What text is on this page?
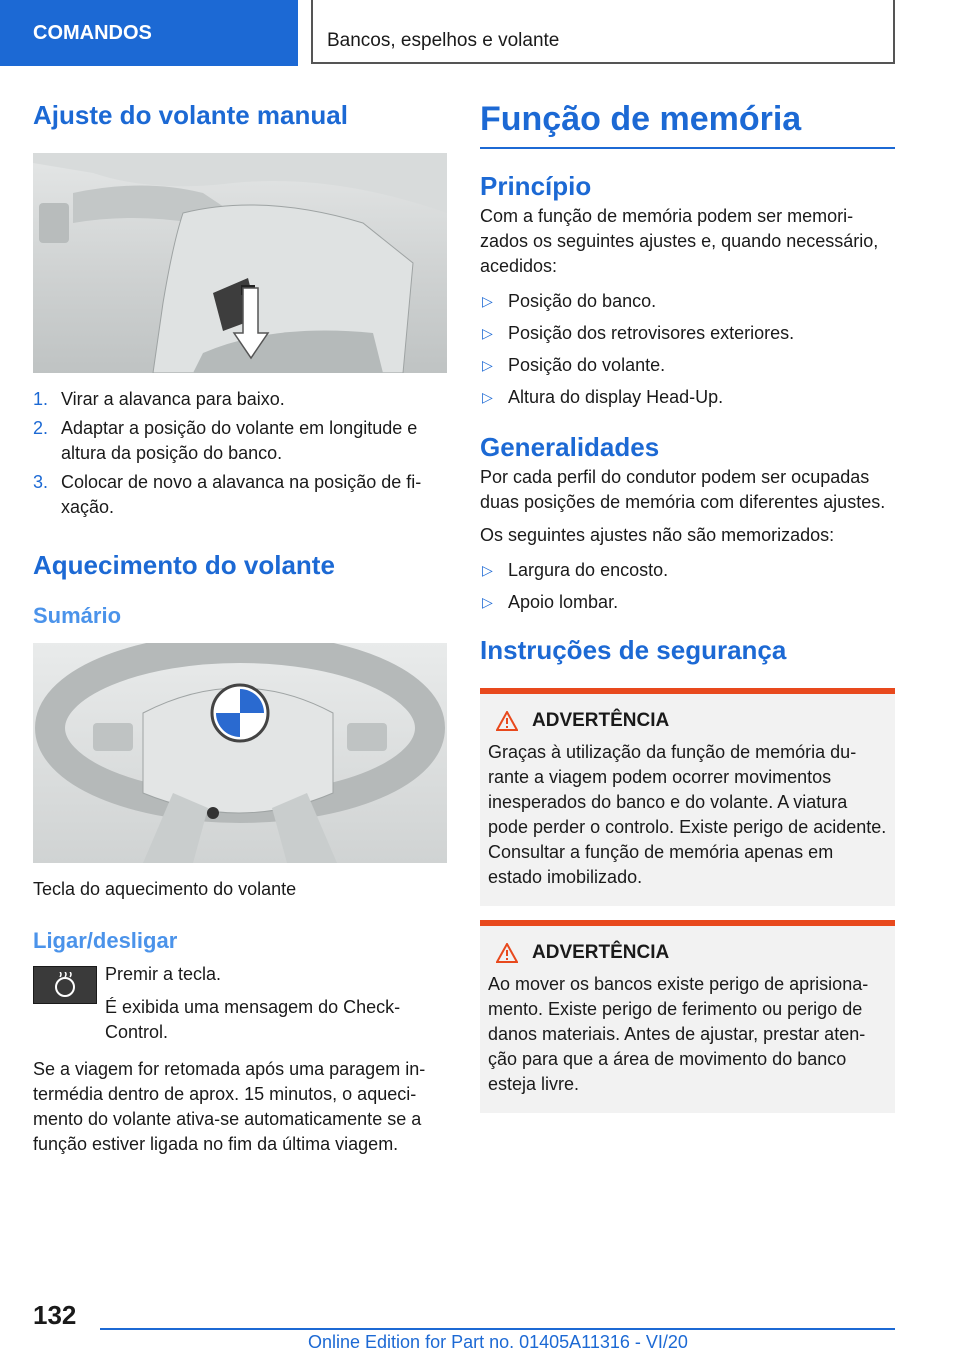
COMANDOS	Bancos, espelhos e volante
Ajuste do volante manual
1. Virar a alavanca para baixo.
2. Adaptar a posição do volante em longitude e altura da posição do banco.
3. Colocar de novo a alavanca na posição de fixação.
Aquecimento do volante
Sumário

Tecla do aquecimento do volante

Ligar/desligar

Premir a tecla.

É exibida uma mensagem do Check-Control.

Se a viagem for retomada após uma paragem intermédia dentro de aprox. 15 minutos, o aquecimento do volante ativa-se automaticamente se a função estiver ligada no fim da última viagem.

Função de memória
Princípio

Com a função de memória podem ser memorizados os seguintes ajustes e, quando necessário, acedidos:

▷ Posição do banco.
▷ Posição dos retrovisores exteriores.
▷ Posição do volante.
▷ Altura do display Head-Up.
Generalidades

Por cada perfil do condutor podem ser ocupadas duas posições de memória com diferentes ajustes.

Os seguintes ajustes não são memorizados:

▷ Largura do encosto.
▷ Apoio lombar.
Instruções de segurança
ADVERTÊNCIA

Graças à utilização da função de memória durante a viagem podem ocorrer movimentos inesperados do banco e do volante. A viatura pode perder o controlo. Existe perigo de acidente. Consultar a função de memória apenas em estado imobilizado.

ADVERTÊNCIA

Ao mover os bancos existe perigo de aprisionamento. Existe perigo de ferimento ou perigo de danos materiais. Antes de ajustar, prestar atenção para que a área de movimento do banco esteja livre.

132
Online Edition for Part no. 01405A11316 - VI/20
